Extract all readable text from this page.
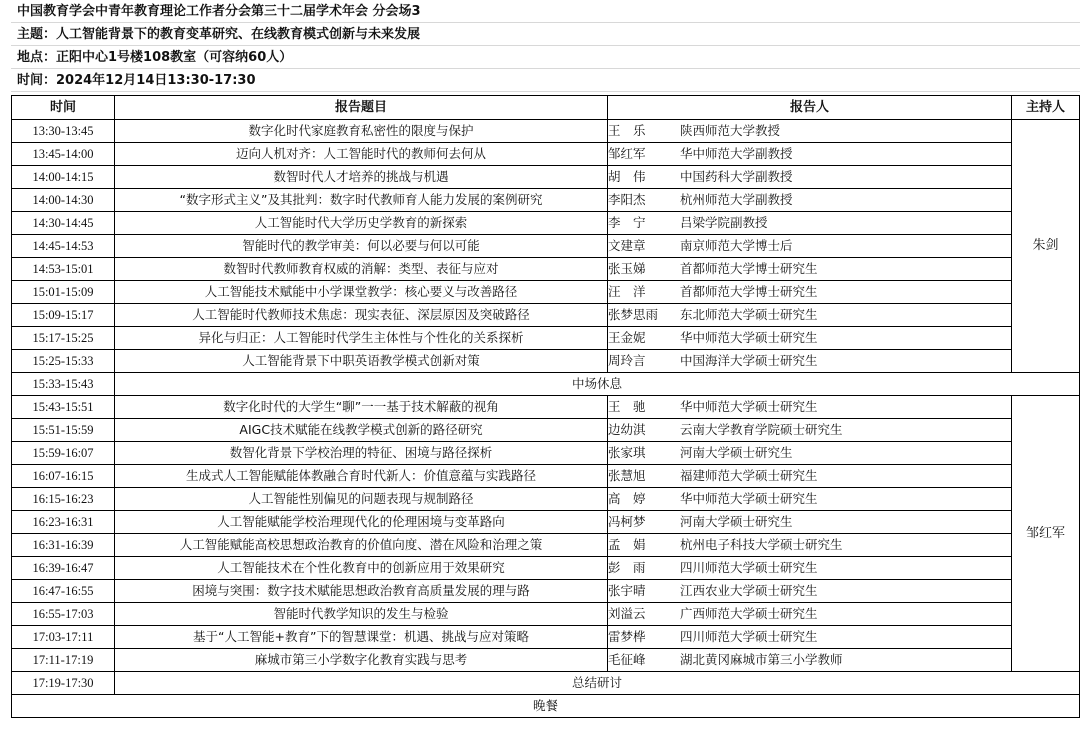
中国教育学会中青年教育理论工作者分会第三十二届学术年会 分会场3
主题：人工智能背景下的教育变革研究、在线教育模式创新与未来发展
地点：正阳中心1号楼108教室（可容纳60人）
时间：2024年12月14日13:30-17:30
时间	报告题目	报告人	主持人
13:30-13:45	数字化时代家庭教育私密性的限度与保护	王　乐 陕西师范大学教授	朱剑
13:45-14:00	迈向人机对齐：人工智能时代的教师何去何从	邹红军 华中师范大学副教授	
14:00-14:15	数智时代人才培养的挑战与机遇	胡　伟 中国药科大学副教授	
14:00-14:30	“数字形式主义”及其批判：数字时代教师育人能力发展的案例研究	李阳杰 杭州师范大学副教授	
14:30-14:45	人工智能时代大学历史学教育的新探索	李　宁 吕梁学院副教授	
14:45-14:53	智能时代的教学审美：何以必要与何以可能	文建章 南京师范大学博士后	
14:53-15:01	数智时代教师教育权威的消解：类型、表征与应对	张玉娣 首都师范大学博士研究生	
15:01-15:09	人工智能技术赋能中小学课堂教学：核心要义与改善路径	汪　洋 首都师范大学博士研究生	
15:09-15:17	人工智能时代教师技术焦虑：现实表征、深层原因及突破路径	张梦思雨 东北师范大学硕士研究生	
15:17-15:25	异化与归正：人工智能时代学生主体性与个性化的关系探析	王金妮 华中师范大学硕士研究生	
15:25-15:33	人工智能背景下中职英语教学模式创新对策	周玲言 中国海洋大学硕士研究生	
15:33-15:43	中场休息		
15:43-15:51	数字化时代的大学生“聊”一一基于技术解蔽的视角	王　驰 华中师范大学硕士研究生	邹红军
15:51-15:59	AIGC技术赋能在线教学模式创新的路径研究	边幼淇 云南大学教育学院硕士研究生	
15:59-16:07	数智化背景下学校治理的特征、困境与路径探析	张家琪 河南大学硕士研究生	
16:07-16:15	生成式人工智能赋能体教融合育时代新人：价值意蕴与实践路径	张慧旭 福建师范大学硕士研究生	
16:15-16:23	人工智能性别偏见的问题表现与规制路径	高　婷 华中师范大学硕士研究生	
16:23-16:31	人工智能赋能学校治理现代化的伦理困境与变革路向	冯柯梦 河南大学硕士研究生	
16:31-16:39	人工智能赋能高校思想政治教育的价值向度、潜在风险和治理之策	孟　娟 杭州电子科技大学硕士研究生	
16:39-16:47	人工智能技术在个性化教育中的创新应用于效果研究	彭　雨 四川师范大学硕士研究生	
16:47-16:55	困境与突围：数字技术赋能思想政治教育高质量发展的理与路	张宇晴 江西农业大学硕士研究生	
16:55-17:03	智能时代教学知识的发生与检验	刘溢云 广西师范大学硕士研究生	
17:03-17:11	基于“人工智能+教育”下的智慧课堂：机遇、挑战与应对策略	雷梦桦 四川师范大学硕士研究生	
17:11-17:19	麻城市第三小学数字化教育实践与思考	毛征峰 湖北黄冈麻城市第三小学教师	
17:19-17:30	总结研讨		
晚餐			
